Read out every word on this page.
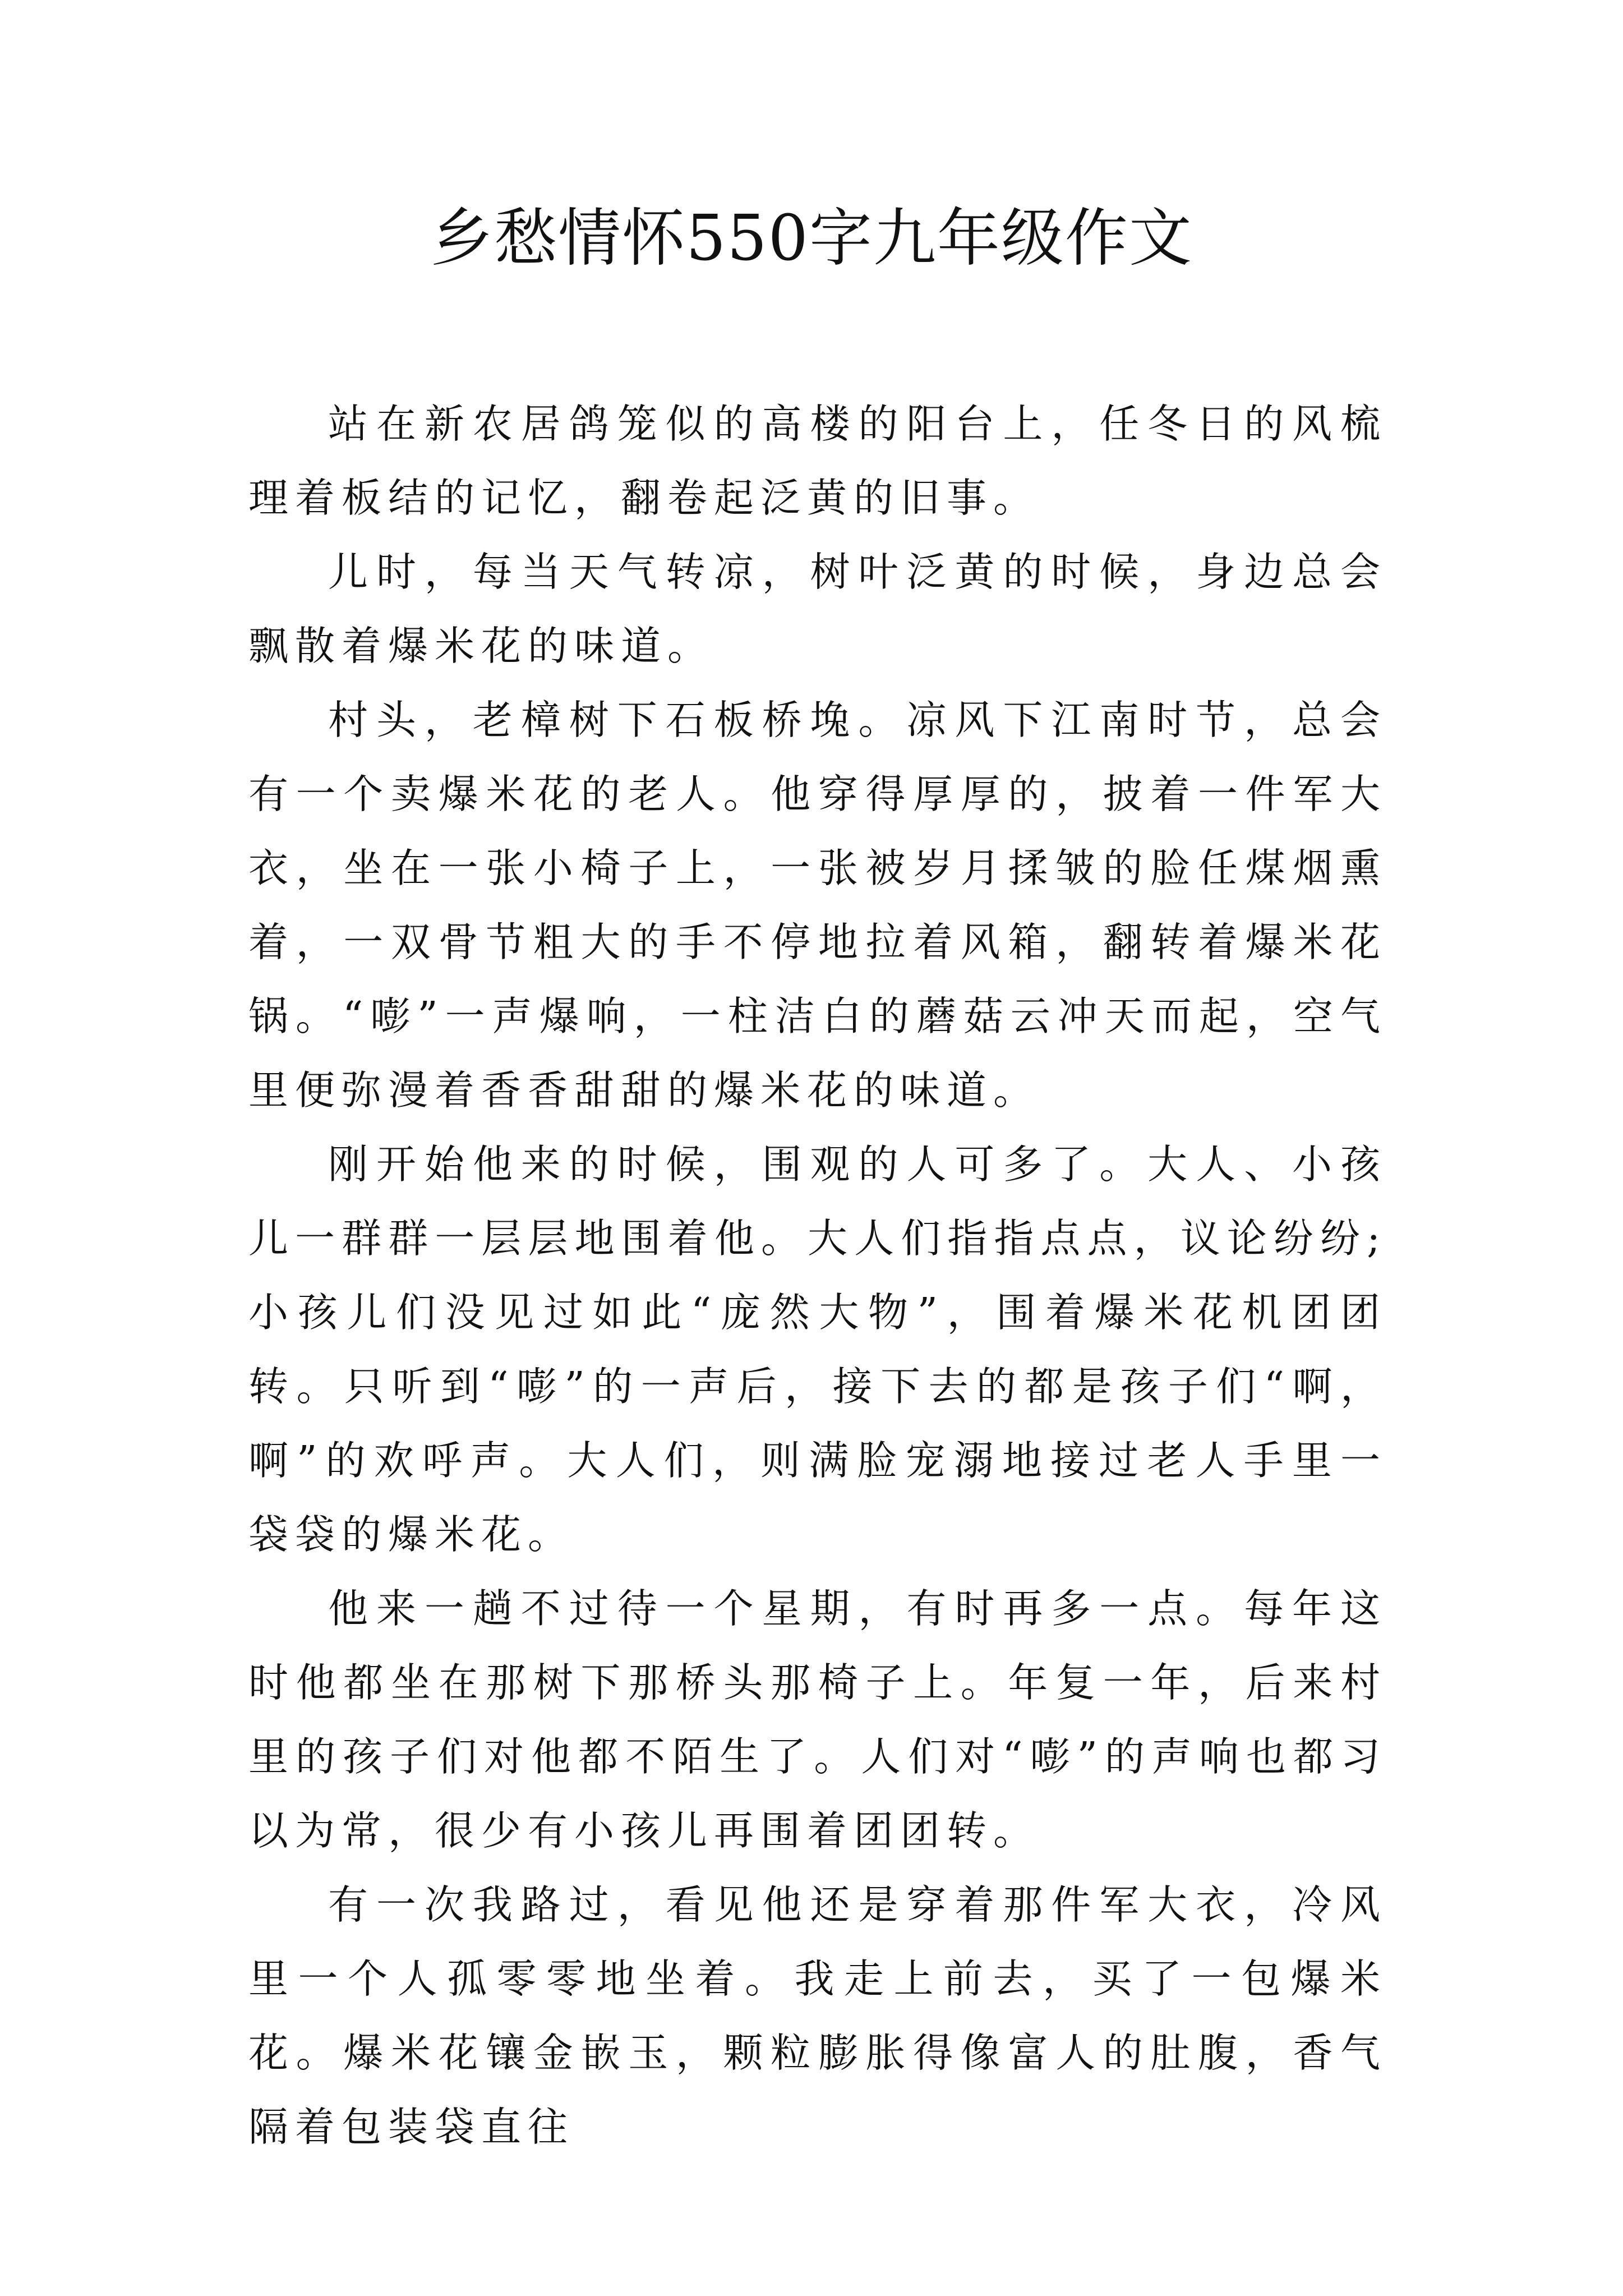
乡愁情怀550字九年级作文

站在新农居鸽笼似的高楼的阳台上，任冬日的风梳理着板结的记忆，翻卷起泛黄的旧事。

儿时，每当天气转凉，树叶泛黄的时候，身边总会飘散着爆米花的味道。

村头，老樟树下石板桥堍。凉风下江南时节，总会有一个卖爆米花的老人。他穿得厚厚的，披着一件军大衣，坐在一张小椅子上，一张被岁月揉皱的脸任煤烟熏着，一双骨节粗大的手不停地拉着风箱，翻转着爆米花锅。“嘭”一声爆响，一柱洁白的蘑菇云冲天而起，空气里便弥漫着香香甜甜的爆米花的味道。

刚开始他来的时候，围观的人可多了。大人、小孩儿一群群一层层地围着他。大人们指指点点，议论纷纷;小孩儿们没见过如此“庞然大物”，围着爆米花机团团转。只听到“嘭”的一声后，接下去的都是孩子们“啊，啊”的欢呼声。大人们，则满脸宠溺地接过老人手里一袋袋的爆米花。

他来一趟不过待一个星期，有时再多一点。每年这时他都坐在那树下那桥头那椅子上。年复一年，后来村里的孩子们对他都不陌生了。人们对“嘭”的声响也都习以为常，很少有小孩儿再围着团团转。

有一次我路过，看见他还是穿着那件军大衣，冷风里一个人孤零零地坐着。我走上前去，买了一包爆米花。爆米花镶金嵌玉，颗粒膨胀得像富人的肚腹，香气隔着包装袋直往
